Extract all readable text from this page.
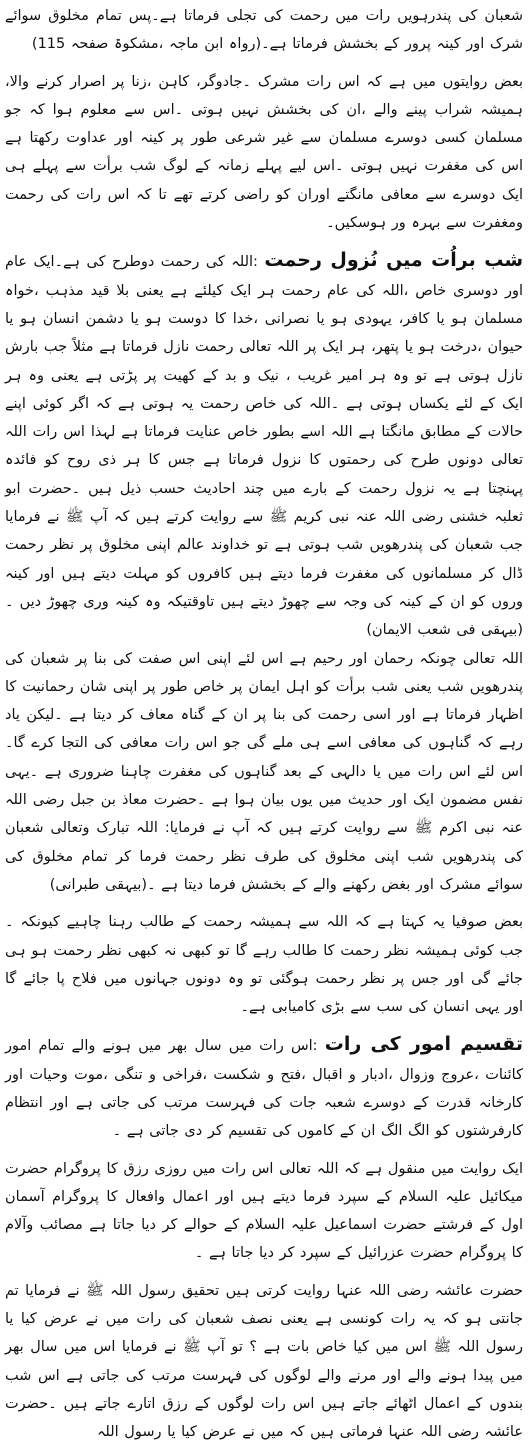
شعبان کی پندرہویں رات میں رحمت کی تجلی فرماتا ہے۔پس تمام مخلوق سوائے شرک اور کینہ پرور کے بخشش فرماتا ہے۔(رواہ ابن ماجہ ،مشکوۃ صفحہ 115)

بعض روایتوں میں ہے کہ اس رات مشرک ۔جادوگر، کاہن ،زنا پر اصرار کرنے والا، ہمیشہ شراب پینے والے ،ان کی بخشش نہیں ہوتی ۔اس سے معلوم ہوا کہ جو مسلمان کسی دوسرے مسلمان سے غیر شرعی طور پر کینہ اور عداوت رکھتا ہے اس کی مغفرت نہیں ہوتی ۔اس لیے پہلے زمانہ کے لوگ شب برأت سے پہلے ہی ایک دوسرے سے معافی مانگتے اوران کو راضی کرتے تھے تا کہ اس رات کی رحمت ومغفرت سے بہرہ ور ہوسکیں۔

شب براُت میں نُزول رحمت :اللہ کی رحمت دوطرح کی ہے۔ایک عام اور دوسری خاص ،اللہ کی عام رحمت ہر ایک کیلئے ہے یعنی بلا قید مذہب ،خواہ مسلمان ہو یا کافر، یہودی ہو یا نصرانی ،خدا کا دوست ہو یا دشمن انسان ہو یا حیوان ،درخت ہو یا پتھر، ہر ایک پر اللہ تعالی رحمت نازل فرماتا ہے مثلاً جب بارش نازل ہوتی ہے تو وہ ہر امیر غریب ، نیک و بد کے کھیت پر پڑتی ہے یعنی وہ ہر ایک کے لئے یکساں ہوتی ہے ۔اللہ کی خاص رحمت یہ ہوتی ہے کہ اگر کوئی اپنے حالات کے مطابق مانگتا ہے اللہ اسے بطور خاص عنایت فرماتا ہے لہذا اس رات اللہ تعالی دونوں طرح کی رحمتوں کا نزول فرماتا ہے جس کا ہر ذی روح کو فائدہ پہنچتا ہے یہ نزول رحمت کے بارے میں چند احادیث حسب ذیل ہیں ۔حضرت ابو ثعلبہ خشنی رضی اللہ عنہ نبی کریم ﷺ سے روایت کرتے ہیں کہ آپ ﷺ نے فرمایا جب شعبان کی پندرھویں شب ہوتی ہے تو خداوند عالم اپنی مخلوق پر نظر رحمت ڈال کر مسلمانوں کی مغفرت فرما دیتے ہیں کافروں کو مہلت دیتے ہیں اور کینہ وروں کو ان کے کینہ کی وجہ سے چھوڑ دیتے ہیں تاوقتیکہ وہ کینہ وری چھوڑ دیں ۔ (بیہقی فی شعب الایمان)

اللہ تعالی چونکہ رحمان اور رحیم ہے اس لئے اپنی اس صفت کی بنا پر شعبان کی پندرھویں شب یعنی شب برأت کو اہل ایمان پر خاص طور پر اپنی شان رحمانیت کا اظہار فرماتا ہے اور اسی رحمت کی بنا پر ان کے گناہ معاف کر دیتا ہے ۔لیکن یاد رہے کہ گناہوں کی معافی اسے ہی ملے گی جو اس رات معافی کی التجا کرے گا۔ اس لئے اس رات میں یا دالہی کے بعد گناہوں کی مغفرت چاہنا ضروری ہے ۔یہی نفس مضمون ایک اور حدیث میں یوں بیان ہوا ہے ۔حضرت معاذ بن جبل رضی اللہ عنہ نبی اکرم ﷺ سے روایت کرتے ہیں کہ آپ نے فرمایا: اللہ تبارک وتعالی شعبان کی پندرھویں شب اپنی مخلوق کی طرف نظر رحمت فرما کر تمام مخلوق کی سوائے مشرک اور بغض رکھنے والے کے بخشش فرما دیتا ہے ۔(بیہقی طبرانی)

بعض صوفیا یہ کہتا ہے کہ اللہ سے ہمیشہ رحمت کے طالب رہنا چاہیے کیونکہ ۔جب کوئی ہمیشہ نظر رحمت کا طالب رہے گا تو کبھی نہ کبھی نظر رحمت ہو ہی جائے گی اور جس پر نظر رحمت ہوگئی تو وہ دونوں جہانوں میں فلاح پا جائے گا اور یہی انسان کی سب سے بڑی کامیابی ہے۔

تقسیم امور کی رات :اس رات میں سال بھر میں ہونے والے تمام امور کائنات ،عروج وزوال ،ادبار و اقبال ،فتح و شکست ،فراخی و تنگی ،موت وحیات اور کارخانہ قدرت کے دوسرے شعبہ جات کی فہرست مرتب کی جاتی ہے اور انتظام کارفرشتوں کو الگ الگ ان کے کاموں کی تقسیم کر دی جاتی ہے ۔

ایک روایت میں منقول ہے کہ اللہ تعالی اس رات میں روزی رزق کا پروگرام حضرت میکائیل علیہ السلام کے سپرد فرما دیتے ہیں اور اعمال وافعال کا پروگرام آسمان اول کے فرشتے حضرت اسماعیل علیہ السلام کے حوالے کر دیا جاتا ہے مصائب وآلام کا پروگرام حضرت عزرائیل کے سپرد کر دیا جاتا ہے ۔

حضرت عائشہ رضی اللہ عنہا روایت کرتی ہیں تحقیق رسول اللہ ﷺ نے فرمایا تم جانتی ہو کہ یہ رات کونسی ہے یعنی نصف شعبان کی رات میں نے عرض کیا یا رسول اللہ ﷺ اس میں کیا خاص بات ہے ؟ تو آپ ﷺ نے فرمایا اس میں سال بھر میں پیدا ہونے والے اور مرنے والے لوگوں کی فہرست مرتب کی جاتی ہے اس شب بندوں کے اعمال اٹھائے جاتے ہیں اس رات لوگوں کے رزق اتارے جاتے ہیں ۔حضرت عائشہ رضی اللہ عنہا فرماتی ہیں کہ میں نے عرض کیا یا رسول اللہ
